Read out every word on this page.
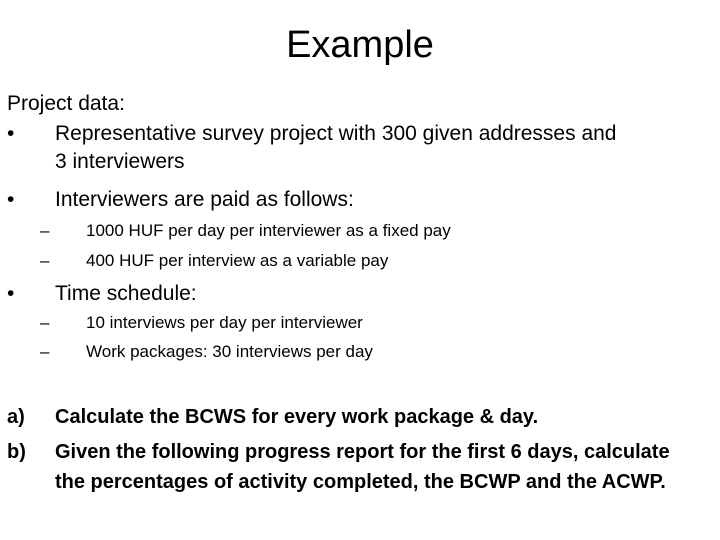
Example
Project data:
• Representative survey project with 300 given addresses and
3 interviewers
• Interviewers are paid as follows:
– 1000 HUF per day per interviewer as a fixed pay
– 400 HUF per interview as a variable pay
• Time schedule:
– 10 interviews per day per interviewer
– Work packages: 30 interviews per day
a) Calculate the BCWS for every work package & day.
b) Given the following progress report for the first 6 days, calculate
the percentages of activity completed, the BCWP and the ACWP.
